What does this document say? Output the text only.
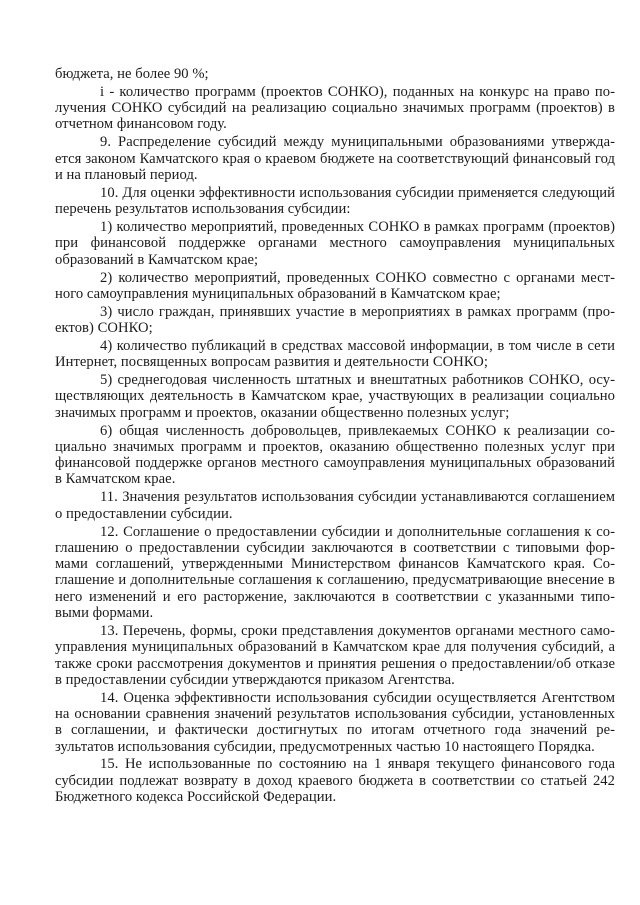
бюджета, не более 90 %;

i - количество программ (проектов СОНКО), поданных на конкурс на право получения СОНКО субсидий на реализацию социально значимых программ (проектов) в отчетном финансовом году.

9. Распределение субсидий между муниципальными образованиями утверждается законом Камчатского края о краевом бюджете на соответствующий финансовый год и на плановый период.

10. Для оценки эффективности использования субсидии применяется следующий перечень результатов использования субсидии:

1) количество мероприятий, проведенных СОНКО в рамках программ (проектов) при финансовой поддержке органами местного самоуправления муниципальных образований в Камчатском крае;

2) количество мероприятий, проведенных СОНКО совместно с органами местного самоуправления муниципальных образований в Камчатском крае;

3) число граждан, принявших участие в мероприятиях в рамках программ (проектов) СОНКО;

4) количество публикаций в средствах массовой информации, в том числе в сети Интернет, посвященных вопросам развития и деятельности СОНКО;

5) среднегодовая численность штатных и внештатных работников СОНКО, осуществляющих деятельность в Камчатском крае, участвующих в реализации социально значимых программ и проектов, оказании общественно полезных услуг;

6) общая численность добровольцев, привлекаемых СОНКО к реализации социально значимых программ и проектов, оказанию общественно полезных услуг при финансовой поддержке органов местного самоуправления муниципальных образований в Камчатском крае.

11. Значения результатов использования субсидии устанавливаются соглашением о предоставлении субсидии.

12. Соглашение о предоставлении субсидии и дополнительные соглашения к соглашению о предоставлении субсидии заключаются в соответствии с типовыми формами соглашений, утвержденными Министерством финансов Камчатского края. Соглашение и дополнительные соглашения к соглашению, предусматривающие внесение в него изменений и его расторжение, заключаются в соответствии с указанными типовыми формами.

13. Перечень, формы, сроки представления документов органами местного самоуправления муниципальных образований в Камчатском крае для получения субсидий, а также сроки рассмотрения документов и принятия решения о предоставлении/об отказе в предоставлении субсидии утверждаются приказом Агентства.

14. Оценка эффективности использования субсидии осуществляется Агентством на основании сравнения значений результатов использования субсидии, установленных в соглашении, и фактически достигнутых по итогам отчетного года значений результатов использования субсидии, предусмотренных частью 10 настоящего Порядка.

15. Не использованные по состоянию на 1 января текущего финансового года субсидии подлежат возврату в доход краевого бюджета в соответствии со статьей 242 Бюджетного кодекса Российской Федерации.
